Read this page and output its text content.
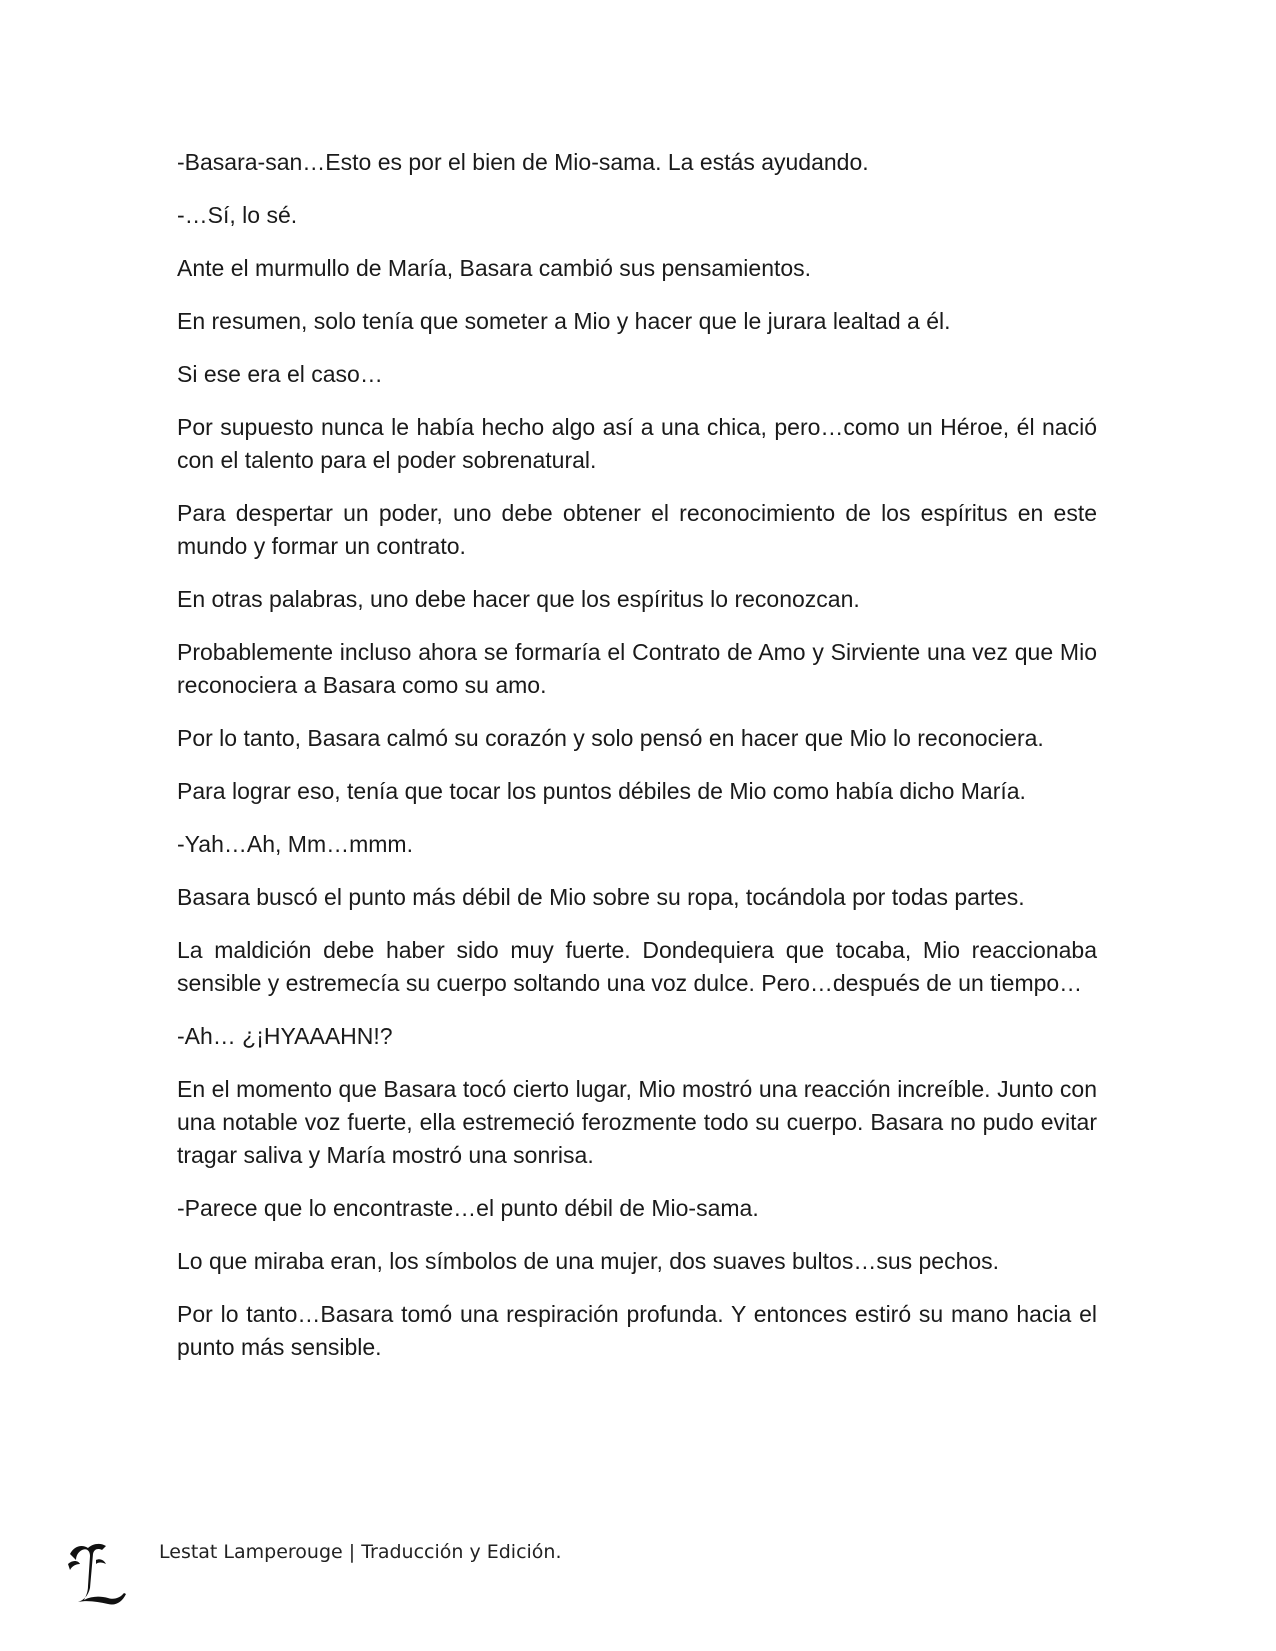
-Basara-san…Esto es por el bien de Mio-sama. La estás ayudando.

-…Sí, lo sé.

Ante el murmullo de María, Basara cambió sus pensamientos.

En resumen, solo tenía que someter a Mio y hacer que le jurara lealtad a él.

Si ese era el caso…

Por supuesto nunca le había hecho algo así a una chica, pero…como un Héroe, él nació con el talento para el poder sobrenatural.

Para despertar un poder, uno debe obtener el reconocimiento de los espíritus en este mundo y formar un contrato.

En otras palabras, uno debe hacer que los espíritus lo reconozcan.

Probablemente incluso ahora se formaría el Contrato de Amo y Sirviente una vez que Mio reconociera a Basara como su amo.

Por lo tanto, Basara calmó su corazón y solo pensó en hacer que Mio lo reconociera.

Para lograr eso, tenía que tocar los puntos débiles de Mio como había dicho María.

-Yah…Ah, Mm…mmm.

Basara buscó el punto más débil de Mio sobre su ropa, tocándola por todas partes.

La maldición debe haber sido muy fuerte. Dondequiera que tocaba, Mio reaccionaba sensible y estremecía su cuerpo soltando una voz dulce. Pero…después de un tiempo…

-Ah… ¿¡HYAAAHN!?

En el momento que Basara tocó cierto lugar, Mio mostró una reacción increíble. Junto con una notable voz fuerte, ella estremeció ferozmente todo su cuerpo. Basara no pudo evitar tragar saliva y María mostró una sonrisa.

-Parece que lo encontraste…el punto débil de Mio-sama.

Lo que miraba eran, los símbolos de una mujer, dos suaves bultos…sus pechos.

Por lo tanto…Basara tomó una respiración profunda. Y entonces estiró su mano hacia el punto más sensible.

Lestat Lamperouge | Traducción y Edición.
